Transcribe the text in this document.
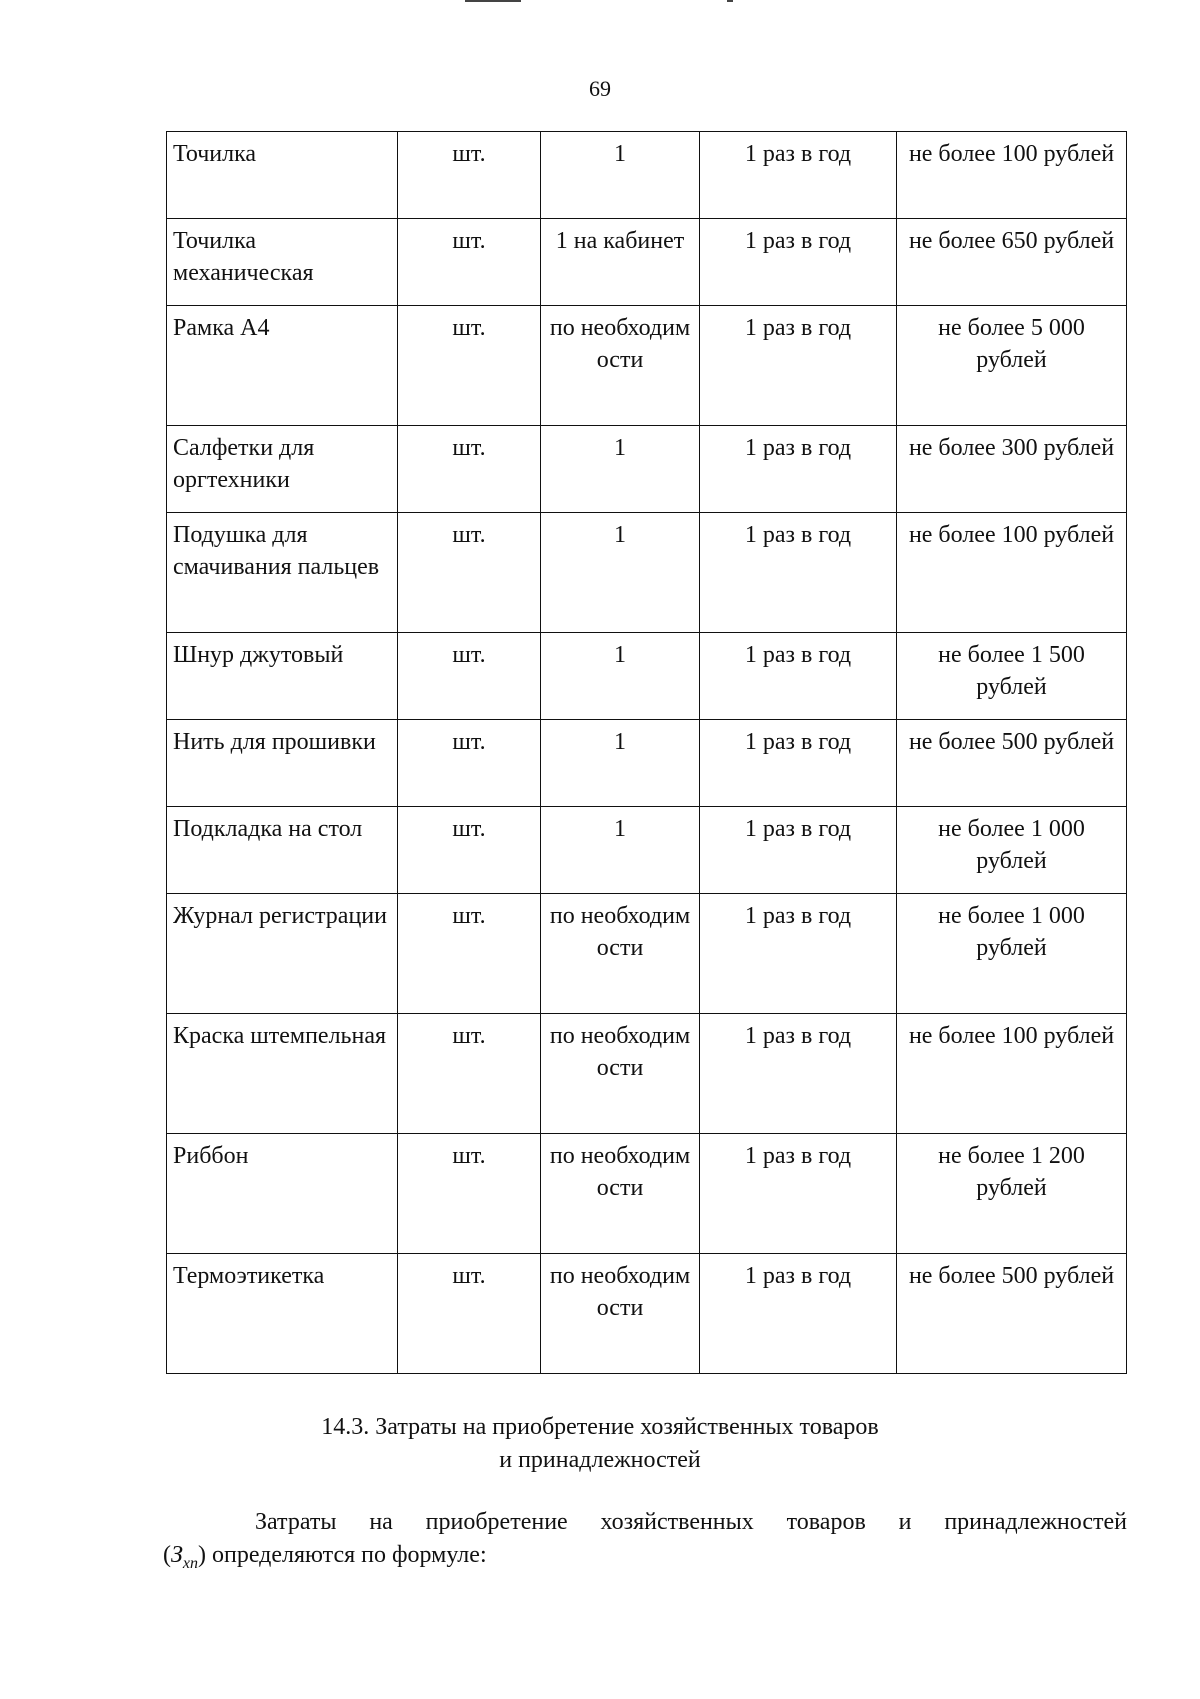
69
Точилка	шт.	1	1 раз в год	не более 100 рублей
Точилка механическая	шт.	1 на кабинет	1 раз в год	не более 650 рублей
Рамка А4	шт.	по необходим ости	1 раз в год	не более 5 000 рублей
Салфетки для оргтехники	шт.	1	1 раз в год	не более 300 рублей
Подушка для смачивания пальцев	шт.	1	1 раз в год	не более 100 рублей
Шнур джутовый	шт.	1	1 раз в год	не более 1 500 рублей
Нить для прошивки	шт.	1	1 раз в год	не более 500 рублей
Подкладка на стол	шт.	1	1 раз в год	не более 1 000 рублей
Журнал регистрации	шт.	по необходим ости	1 раз в год	не более 1 000 рублей
Краска штемпельная	шт.	по необходим ости	1 раз в год	не более 100 рублей
Риббон	шт.	по необходим ости	1 раз в год	не более 1 200 рублей
Термоэтикетка	шт.	по необходим ости	1 раз в год	не более 500 рублей
14.3. Затраты на приобретение хозяйственных товаров
и принадлежностей
Затраты на приобретение хозяйственных товаров и принадлежностей
$(З_{хп})$ определяются по формуле:
